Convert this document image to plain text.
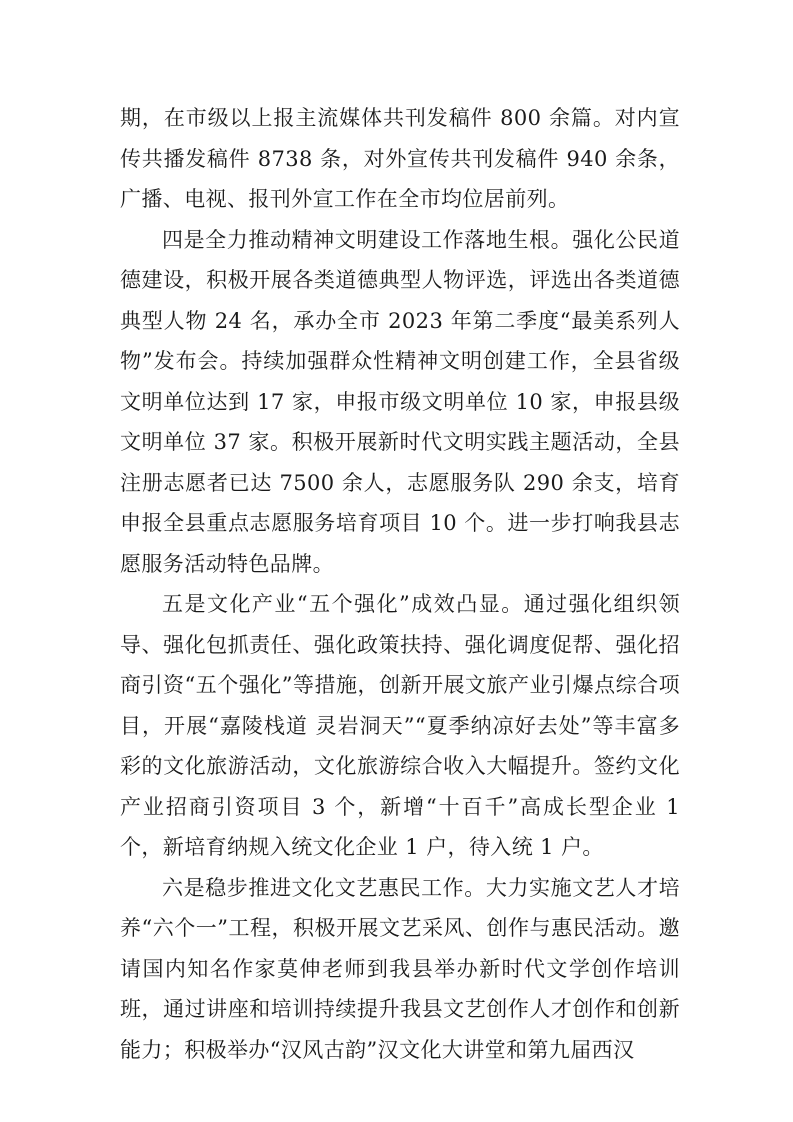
期，在市级以上报主流媒体共刊发稿件 800 余篇。对内宣传共播发稿件 8738 条，对外宣传共刊发稿件 940 余条，广播、电视、报刊外宣工作在全市均位居前列。

四是全力推动精神文明建设工作落地生根。强化公民道德建设，积极开展各类道德典型人物评选，评选出各类道德典型人物 24 名，承办全市 2023 年第二季度“最美系列人物”发布会。持续加强群众性精神文明创建工作，全县省级文明单位达到 17 家，申报市级文明单位 10 家，申报县级文明单位 37 家。积极开展新时代文明实践主题活动，全县注册志愿者已达 7500 余人，志愿服务队 290 余支，培育申报全县重点志愿服务培育项目 10 个。进一步打响我县志愿服务活动特色品牌。

五是文化产业“五个强化”成效凸显。通过强化组织领导、强化包抓责任、强化政策扶持、强化调度促帮、强化招商引资“五个强化”等措施，创新开展文旅产业引爆点综合项目，开展“嘉陵栈道 灵岩洞天”“夏季纳凉好去处”等丰富多彩的文化旅游活动，文化旅游综合收入大幅提升。签约文化产业招商引资项目 3 个，新增“十百千”高成长型企业 1 个，新培育纳规入统文化企业 1 户，待入统 1 户。

六是稳步推进文化文艺惠民工作。大力实施文艺人才培养“六个一”工程，积极开展文艺采风、创作与惠民活动。邀请国内知名作家莫伸老师到我县举办新时代文学创作培训班，通过讲座和培训持续提升我县文艺创作人才创作和创新能力；积极举办“汉风古韵”汉文化大讲堂和第九届西汉
